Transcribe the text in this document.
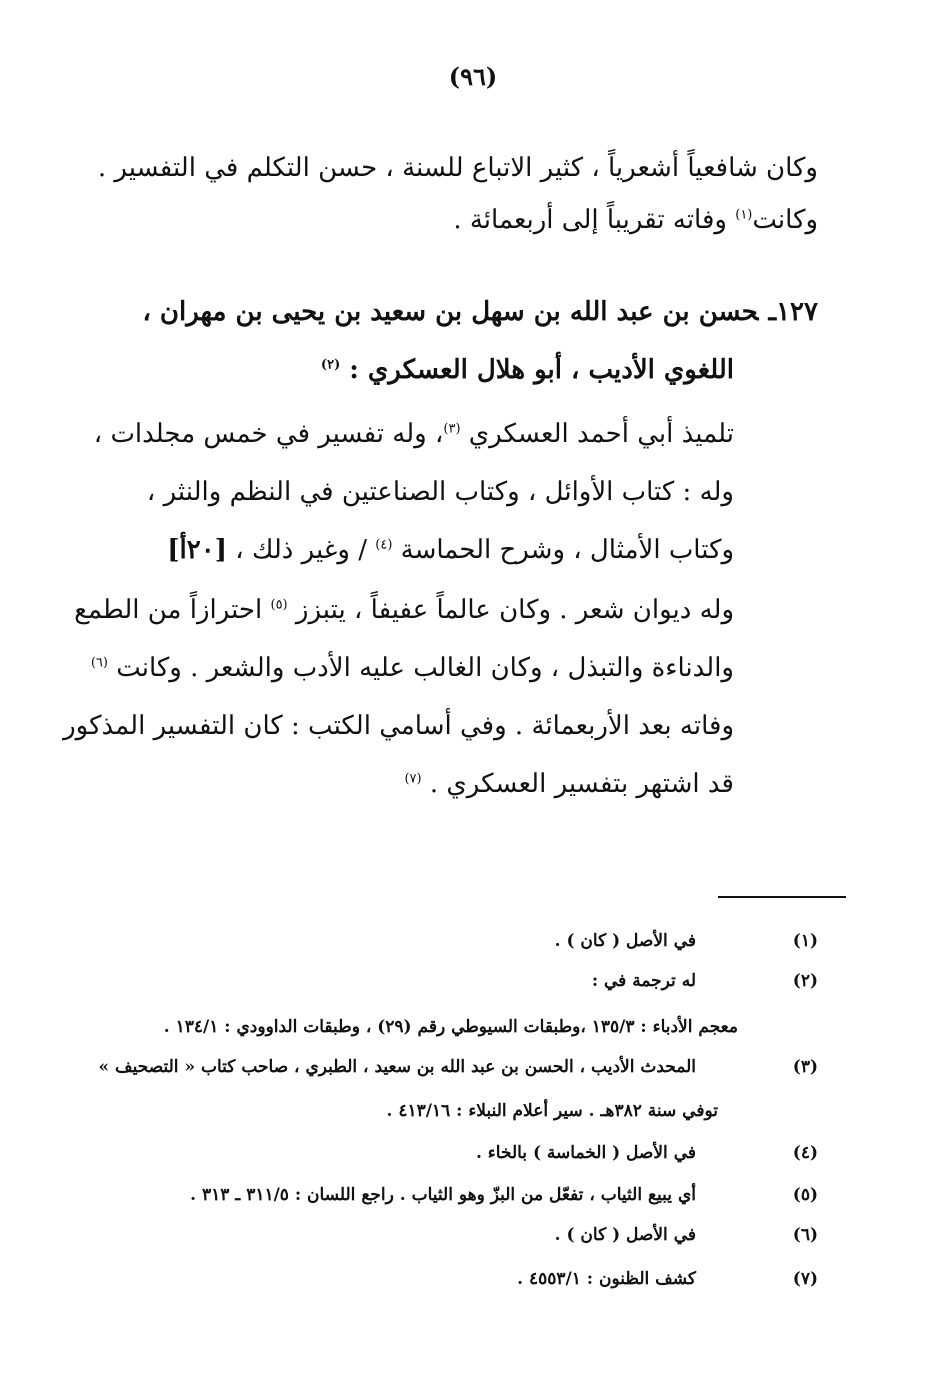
(٩٦)
وكان شافعياً أشعرياً ، كثير الاتباع للسنة ، حسن التكلم في التفسير .
وكانت$^{(١)}$ وفاته تقريباً إلى أربعمائة .
١٢٧ـحسن بن عبد الله بن سهل بن سعيد بن يحيى بن مهران ،
اللغوي الأديب ، أبو هلال العسكري : $^{(٢)}$
تلميذ أبي أحمد العسكري $^{(٣)}$، وله تفسير في خمس مجلدات ،
وله : كتاب الأوائل ، وكتاب الصناعتين في النظم والنثر ،
وكتاب الأمثال ، وشرح الحماسة $^{(٤)}$ / وغير ذلك ، [٢٠أ]
وله ديوان شعر . وكان عالماً عفيفاً ، يتبزز $^{(٥)}$ احترازاً من الطمع
والدناءة والتبذل ، وكان الغالب عليه الأدب والشعر . وكانت $^{(٦)}$
وفاته بعد الأربعمائة . وفي أسامي الكتب : كان التفسير المذكور
قد اشتهر بتفسير العسكري . $^{(٧)}$
(١)
في الأصل ( كان ) .
(٢)
له ترجمة في :
معجم الأدباء : ١٣٥/٣ ،وطبقات السيوطي رقم (٢٩) ، وطبقات الداوودي : ١٣٤/١ .
(٣)
المحدث الأديب ، الحسن بن عبد الله بن سعيد ، الطبري ، صاحب كتاب « التصحيف »
توفي سنة ٣٨٢هـ . سير أعلام النبلاء : ٤١٣/١٦ .
(٤)
في الأصل ( الخماسة ) بالخاء .
(٥)
أي يبيع الثياب ، تفعّل من البزّ وهو الثياب . راجع اللسان : ٣١١/٥ ـ ٣١٣ .
(٦)
في الأصل ( كان ) .
(٧)
كشف الظنون : ٤٥٥٣/١ .
